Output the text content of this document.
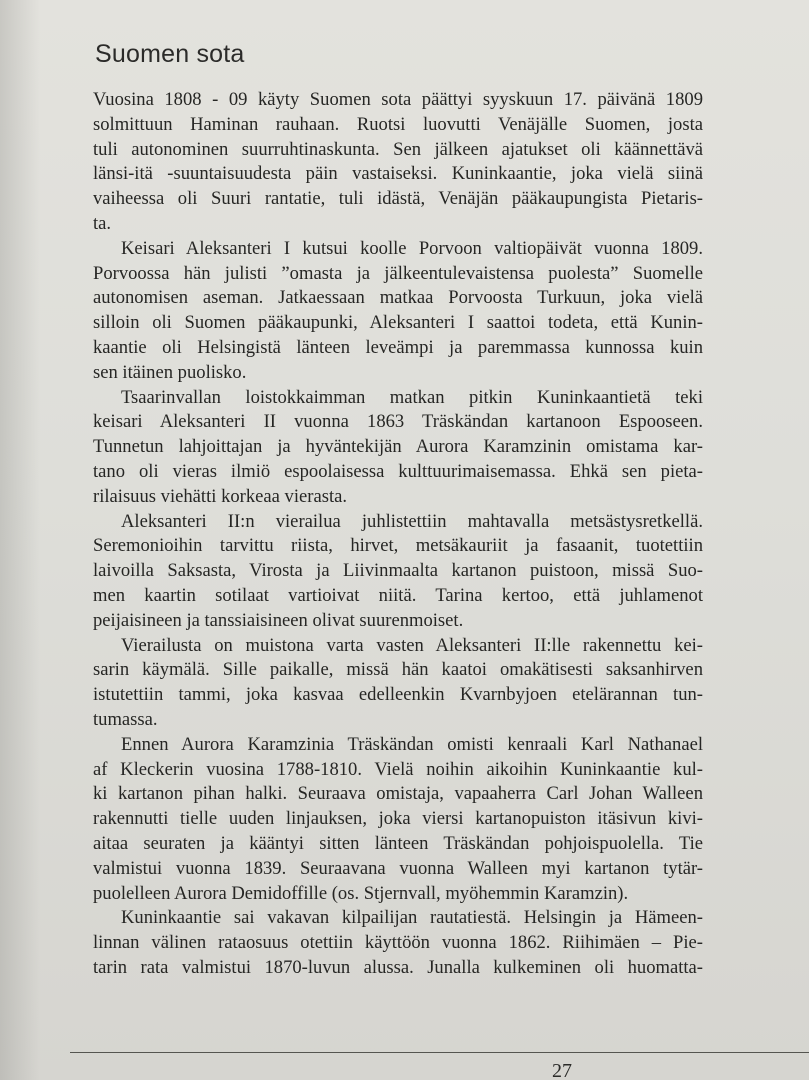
Suomen sota

Vuosina 1808 - 09 käyty Suomen sota päättyi syyskuun 17. päivänä 1809
solmittuun Haminan rauhaan. Ruotsi luovutti Venäjälle Suomen, josta
tuli autonominen suurruhtinaskunta. Sen jälkeen ajatukset oli käännettävä
länsi-itä -suuntaisuudesta päin vastaiseksi. Kuninkaantie, joka vielä siinä
vaiheessa oli Suuri rantatie, tuli idästä, Venäjän pääkaupungista Pietaris-
ta.

Keisari Aleksanteri I kutsui koolle Porvoon valtiopäivät vuonna 1809.
Porvoossa hän julisti ”omasta ja jälkeentulevaistensa puolesta” Suomelle
autonomisen aseman. Jatkaessaan matkaa Porvoosta Turkuun, joka vielä
silloin oli Suomen pääkaupunki, Aleksanteri I saattoi todeta, että Kunin-
kaantie oli Helsingistä länteen leveämpi ja paremmassa kunnossa kuin
sen itäinen puolisko.

Tsaarinvallan loistokkaimman matkan pitkin Kuninkaantietä teki
keisari Aleksanteri II vuonna 1863 Träskändan kartanoon Espooseen.
Tunnetun lahjoittajan ja hyväntekijän Aurora Karamzinin omistama kar-
tano oli vieras ilmiö espoolaisessa kulttuurimaisemassa. Ehkä sen pieta-
rilaisuus viehätti korkeaa vierasta.

Aleksanteri II:n vierailua juhlistettiin mahtavalla metsästysretkellä.
Seremonioihin tarvittu riista, hirvet, metsäkauriit ja fasaanit, tuotettiin
laivoilla Saksasta, Virosta ja Liivinmaalta kartanon puistoon, missä Suo-
men kaartin sotilaat vartioivat niitä. Tarina kertoo, että juhlamenot
peijaisineen ja tanssiaisineen olivat suurenmoiset.

Vierailusta on muistona varta vasten Aleksanteri II:lle rakennettu kei-
sarin käymälä. Sille paikalle, missä hän kaatoi omakätisesti saksanhirven
istutettiin tammi, joka kasvaa edelleenkin Kvarnbyjoen etelärannan tun-
tumassa.

Ennen Aurora Karamzinia Träskändan omisti kenraali Karl Nathanael
af Kleckerin vuosina 1788-1810. Vielä noihin aikoihin Kuninkaantie kul-
ki kartanon pihan halki. Seuraava omistaja, vapaaherra Carl Johan Walleen
rakennutti tielle uuden linjauksen, joka viersi kartanopuiston itäsivun kivi-
aitaa seuraten ja kääntyi sitten länteen Träskändan pohjoispuolella. Tie
valmistui vuonna 1839. Seuraavana vuonna Walleen myi kartanon tytär-
puolelleen Aurora Demidoffille (os. Stjernvall, myöhemmin Karamzin).

Kuninkaantie sai vakavan kilpailijan rautatiestä. Helsingin ja Hämeen-
linnan välinen rataosuus otettiin käyttöön vuonna 1862. Riihimäen – Pie-
tarin rata valmistui 1870-luvun alussa. Junalla kulkeminen oli huomatta-

27
